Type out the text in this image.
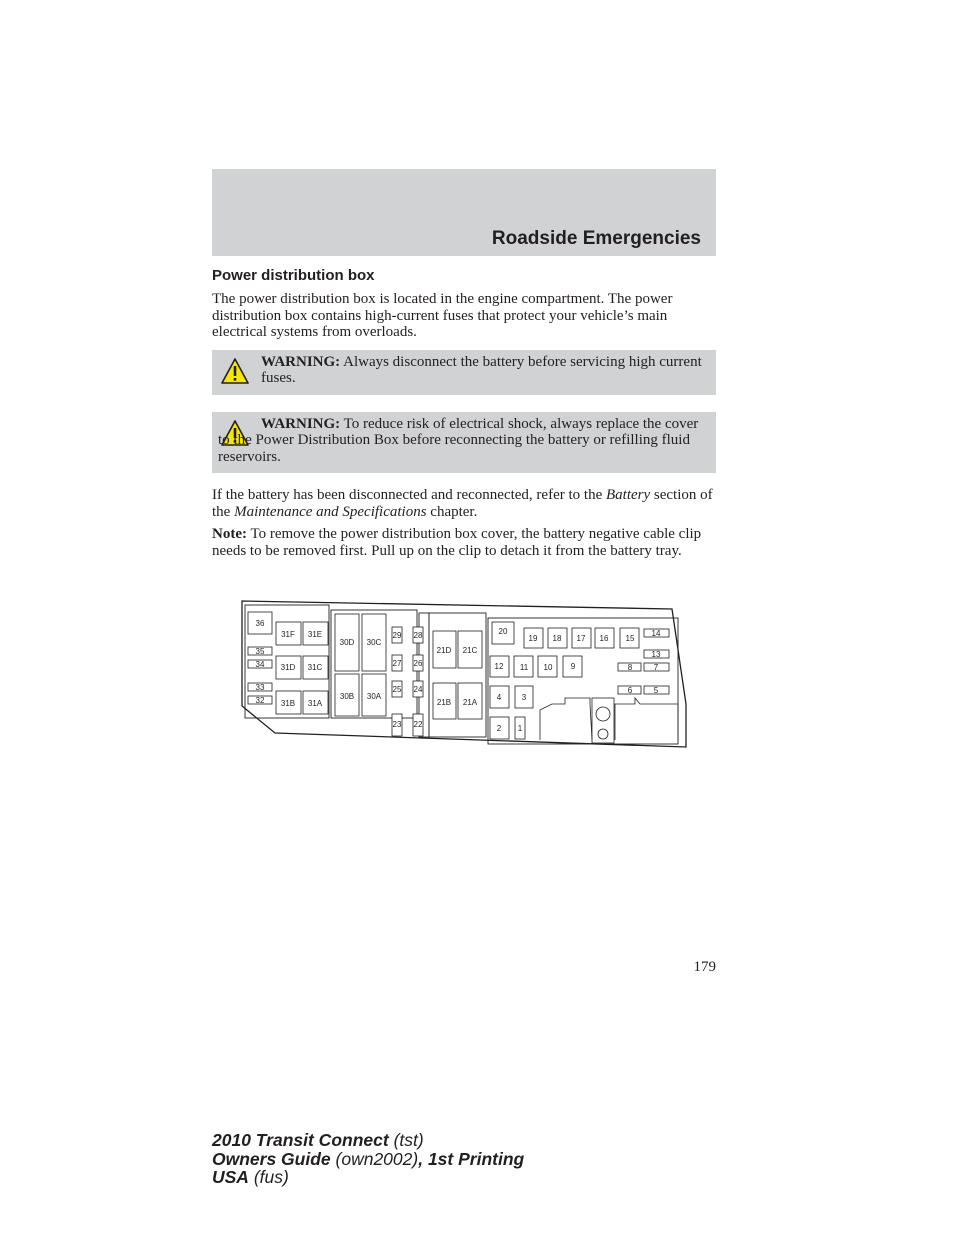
Roadside Emergencies
Power distribution box
The power distribution box is located in the engine compartment. The power distribution box contains high-current fuses that protect your vehicle’s main electrical systems from overloads.
WARNING: Always disconnect the battery before servicing high current fuses.
WARNING: To reduce risk of electrical shock, always replace the cover to the Power Distribution Box before reconnecting the battery or refilling fluid reservoirs.
If the battery has been disconnected and reconnected, refer to the Battery section of the Maintenance and Specifications chapter.
Note: To remove the power distribution box cover, the battery negative cable clip needs to be removed first. Pull up on the clip to detach it from the battery tray.
36
35
34
33
32
31F 31E
31D 31C
31B 31A
30D 30C
30B 30A
29 28
27 26
25 24
23 22
21D 21C
21B 21A
20
19 18 17 16 15
14
13
12 11 10 9	8	7
6	5
4	3
2 1
179
2010 Transit Connect (tst)
Owners Guide (own2002), 1st Printing
USA (fus)
